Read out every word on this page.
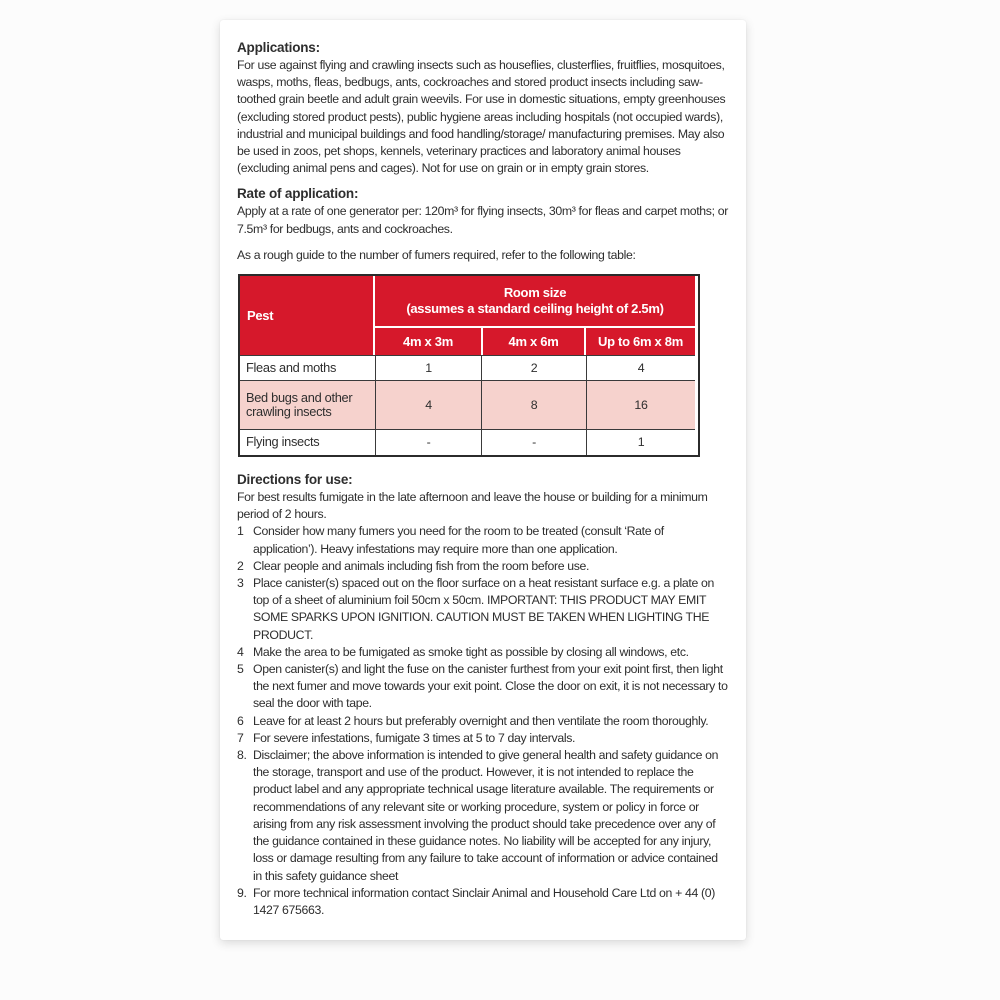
Applications:

For use against flying and crawling insects such as houseflies, clusterflies, fruitflies, mosquitoes, wasps, moths, fleas, bedbugs, ants, cockroaches and stored product insects including saw-toothed grain beetle and adult grain weevils. For use in domestic situations, empty greenhouses (excluding stored product pests), public hygiene areas including hospitals (not occupied wards), industrial and municipal buildings and food handling/storage/ manufacturing premises. May also be used in zoos, pet shops, kennels, veterinary practices and laboratory animal houses (excluding animal pens and cages). Not for use on grain or in empty grain stores.

Rate of application:

Apply at a rate of one generator per: 120m³ for flying insects, 30m³ for fleas and carpet moths; or 7.5m³ for bedbugs, ants and cockroaches.

As a rough guide to the number of fumers required, refer to the following table:

Pest
Room size
(assumes a standard ceiling height of 2.5m)
4m x 3m	4m x 6m	Up to 6m x 8m
Fleas and moths	1	2	4
Bed bugs and other crawling insects	4	8	16
Flying insects	-	-	1
Directions for use:

For best results fumigate in the late afternoon and leave the house or building for a minimum period of 2 hours.

1 Consider how many fumers you need for the room to be treated (consult ‘Rate of application’). Heavy infestations may require more than one application.
2 Clear people and animals including fish from the room before use.
3 Place canister(s) spaced out on the floor surface on a heat resistant surface e.g. a plate on top of a sheet of aluminium foil 50cm x 50cm. IMPORTANT: THIS PRODUCT MAY EMIT SOME SPARKS UPON IGNITION. CAUTION MUST BE TAKEN WHEN LIGHTING THE PRODUCT.
4 Make the area to be fumigated as smoke tight as possible by closing all windows, etc.
5 Open canister(s) and light the fuse on the canister furthest from your exit point first, then light the next fumer and move towards your exit point. Close the door on exit, it is not necessary to seal the door with tape.
6 Leave for at least 2 hours but preferably overnight and then ventilate the room thoroughly.
7 For severe infestations, fumigate 3 times at 5 to 7 day intervals.
8. Disclaimer; the above information is intended to give general health and safety guidance on the storage, transport and use of the product. However, it is not intended to replace the product label and any appropriate technical usage literature available. The requirements or recommendations of any relevant site or working procedure, system or policy in force or arising from any risk assessment involving the product should take precedence over any of the guidance contained in these guidance notes. No liability will be accepted for any injury, loss or damage resulting from any failure to take account of information or advice contained in this safety guidance sheet
9. For more technical information contact Sinclair Animal and Household Care Ltd on + 44 (0) 1427 675663.
